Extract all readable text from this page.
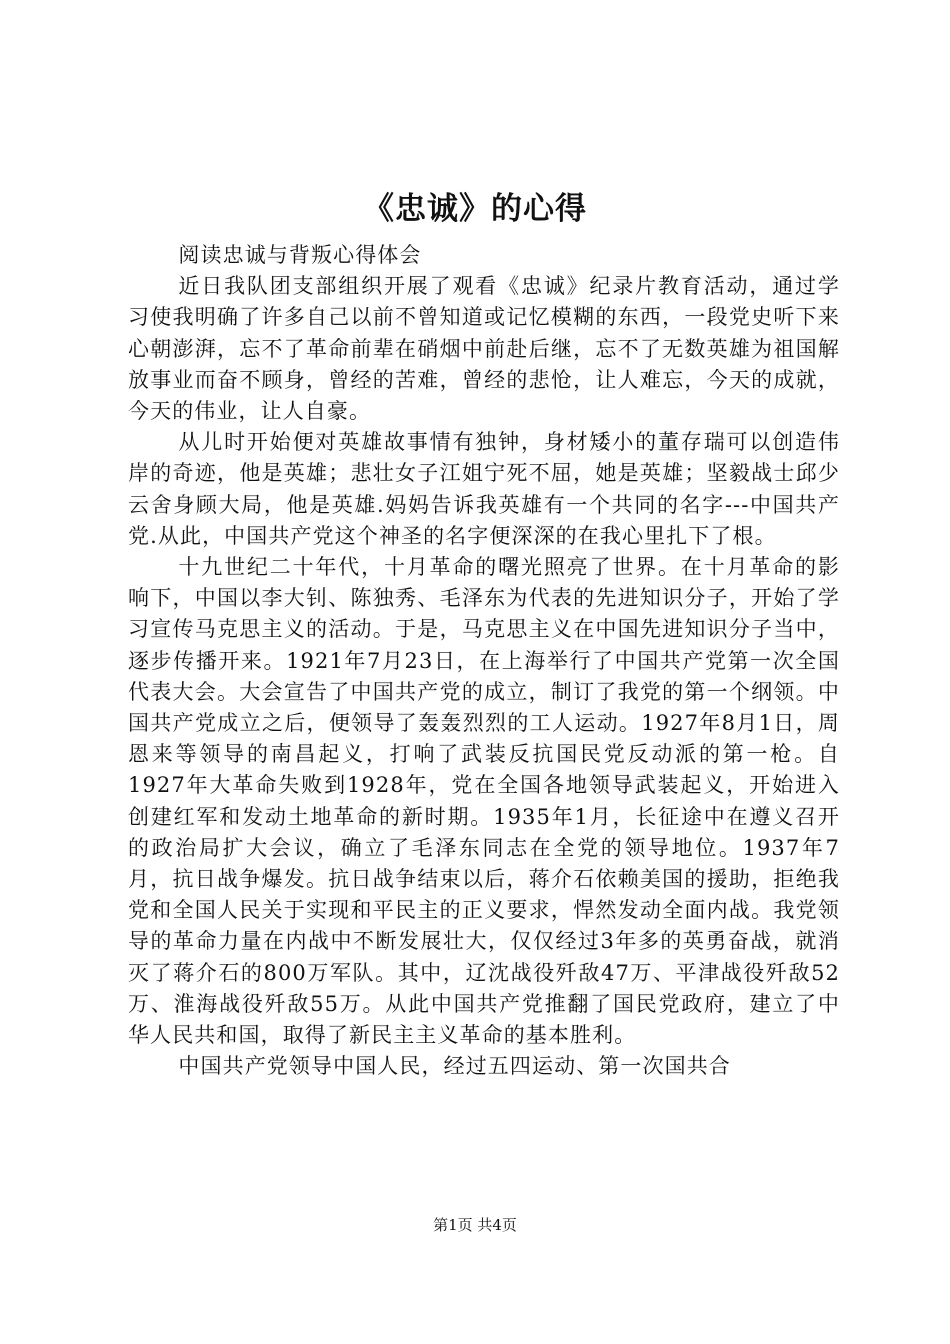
《忠诚》的心得

阅读忠诚与背叛心得体会

近日我队团支部组织开展了观看《忠诚》纪录片教育活动，通过学习使我明确了许多自己以前不曾知道或记忆模糊的东西，一段党史听下来心朝澎湃，忘不了革命前辈在硝烟中前赴后继，忘不了无数英雄为祖国解放事业而奋不顾身，曾经的苦难，曾经的悲怆，让人难忘，今天的成就，今天的伟业，让人自豪。

从儿时开始便对英雄故事情有独钟，身材矮小的董存瑞可以创造伟岸的奇迹，他是英雄；悲壮女子江姐宁死不屈，她是英雄；坚毅战士邱少云舍身顾大局，他是英雄.妈妈告诉我英雄有一个共同的名字---中国共产党.从此，中国共产党这个神圣的名字便深深的在我心里扎下了根。

十九世纪二十年代，十月革命的曙光照亮了世界。在十月革命的影响下，中国以李大钊、陈独秀、毛泽东为代表的先进知识分子，开始了学习宣传马克思主义的活动。于是，马克思主义在中国先进知识分子当中，逐步传播开来。1921年7月23日，在上海举行了中国共产党第一次全国代表大会。大会宣告了中国共产党的成立，制订了我党的第一个纲领。中国共产党成立之后，便领导了轰轰烈烈的工人运动。1927年8月1日，周恩来等领导的南昌起义，打响了武装反抗国民党反动派的第一枪。自1927年大革命失败到1928年，党在全国各地领导武装起义，开始进入创建红军和发动土地革命的新时期。1935年1月，长征途中在遵义召开的政治局扩大会议，确立了毛泽东同志在全党的领导地位。1937年7月，抗日战争爆发。抗日战争结束以后，蒋介石依赖美国的援助，拒绝我党和全国人民关于实现和平民主的正义要求，悍然发动全面内战。我党领导的革命力量在内战中不断发展壮大，仅仅经过3年多的英勇奋战，就消灭了蒋介石的800万军队。其中，辽沈战役歼敌47万、平津战役歼敌52万、淮海战役歼敌55万。从此中国共产党推翻了国民党政府，建立了中华人民共和国，取得了新民主主义革命的基本胜利。

中国共产党领导中国人民，经过五四运动、第一次国共合

第1页 共4页
